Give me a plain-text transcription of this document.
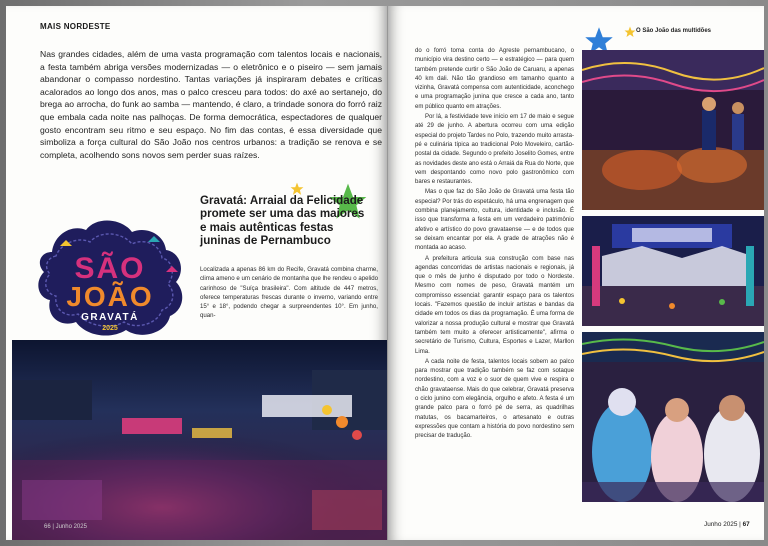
MAIS NORDESTE
Nas grandes cidades, além de uma vasta programação com talentos locais e nacionais, a festa também abriga versões modernizadas — o eletrônico e o piseiro — sem jamais abandonar o compasso nordestino. Tantas variações já inspiraram debates e críticas acalorados ao longo dos anos, mas o palco cresceu para todos: do axé ao sertanejo, do brega ao arrocha, do funk ao samba — mantendo, é claro, a trindade sonora do forró raiz que embala cada noite nas palhoças. De forma democrática, espectadores de qualquer gosto encontram seu ritmo e seu espaço. No fim das contas, é essa diversidade que simboliza a força cultural do São João nos centros urbanos: a tradição se renova e se completa, acolhendo sons novos sem perder suas raízes.
Gravatá: Arraial da Felicidade promete ser uma das maiores e mais autênticas festas juninas de Pernambuco
Localizada a apenas 86 km do Recife, Gravatá combina charme, clima ameno e um cenário de montanha que lhe rendeu o apelido carinhoso de "Suíça brasileira". Com altitude de 447 metros, oferece temperaturas frescas durante o inverno, variando entre 15° e 18°, podendo chegar a surpreendentes 10°. Em junho, quan-
SÃO
JOÃO
GRAVATÁ
2025
66 | Junho 2025

do o forró toma conta do Agreste pernambucano, o município vira destino certo — e estratégico — para quem também pretende curtir o São João de Caruaru, a apenas 40 km dali. Não tão grandioso em tamanho quanto a vizinha, Gravatá compensa com autenticidade, aconchego e uma programação junina que cresce a cada ano, tanto em público quanto em atrações.

Por lá, a festividade teve início em 17 de maio e segue até 29 de junho. A abertura ocorreu com uma edição especial do projeto Tardes no Polo, trazendo muito arrasta-pé e culinária típica ao tradicional Polo Moveleiro, cartão-postal da cidade. Segundo o prefeito Joselito Gomes, entre as novidades deste ano está o Arraiá da Rua do Norte, que vem despontando como novo polo gastronômico com bares e restaurantes.

Mas o que faz do São João de Gravatá uma festa tão especial? Por trás do espetáculo, há uma engrenagem que combina planejamento, cultura, identidade e inclusão. É isso que transforma a festa em um verdadeiro patrimônio afetivo e artístico do povo gravataense — e de todos que se deixam encantar por ela. A grade de atrações não é montada ao acaso.

A prefeitura articula sua construção com base nas agendas concorridas de artistas nacionais e regionais, já que o mês de junho é disputado por todo o Nordeste. Mesmo com nomes de peso, Gravatá mantém um compromisso essencial: garantir espaço para os talentos locais. "Fazemos questão de incluir artistas e bandas da cidade em todos os dias da programação. É uma forma de valorizar a nossa produção cultural e mostrar que Gravatá também tem muito a oferecer artisticamente", afirma o secretário de Turismo, Cultura, Esportes e Lazer, Marllon Lima.

A cada noite de festa, talentos locais sobem ao palco para mostrar que tradição também se faz com sotaque nordestino, com a voz e o suor de quem vive e respira o chão gravataense. Mais do que celebrar, Gravatá preserva o ciclo junino com elegância, orgulho e afeto. A festa é um grande palco para o forró pé de serra, as quadrilhas matutas, os bacamarteiros, o artesanato e outras expressões que contam a história do povo nordestino sem precisar de tradução.

O São João das multidões
Junho 2025 | 67
